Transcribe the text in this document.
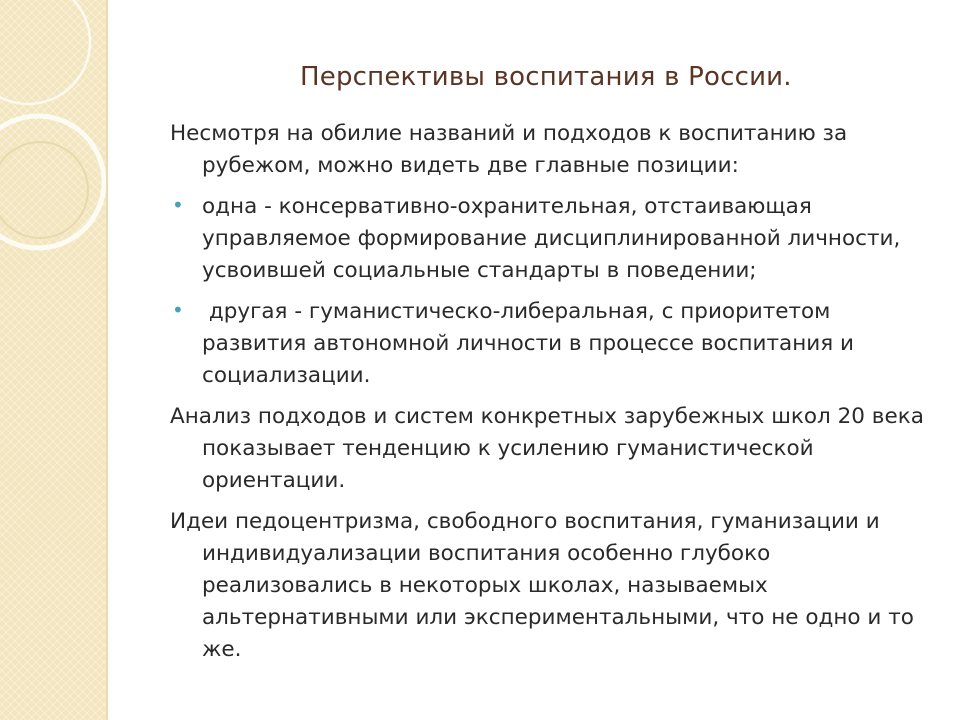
Перспективы воспитания в России.
Несмотря на обилие названий и подходов к воспитанию за рубежом, можно видеть две главные позиции:
• одна - консервативно-охранительная, отстаивающая управляемое формирование дисциплинированной личности, усвоившей социальные стандарты в поведении;
• другая - гуманистическо-либеральная, с приоритетом развития автономной личности в процессе воспитания и социализации.
Анализ подходов и систем конкретных зарубежных школ 20 века показывает тенденцию к усилению гуманистической ориентации.
Идеи педоцентризма, свободного воспитания, гуманизации и индивидуализации воспитания особенно глубоко реализовались в некоторых школах, называемых альтернативными или экспериментальными, что не одно и то же.
